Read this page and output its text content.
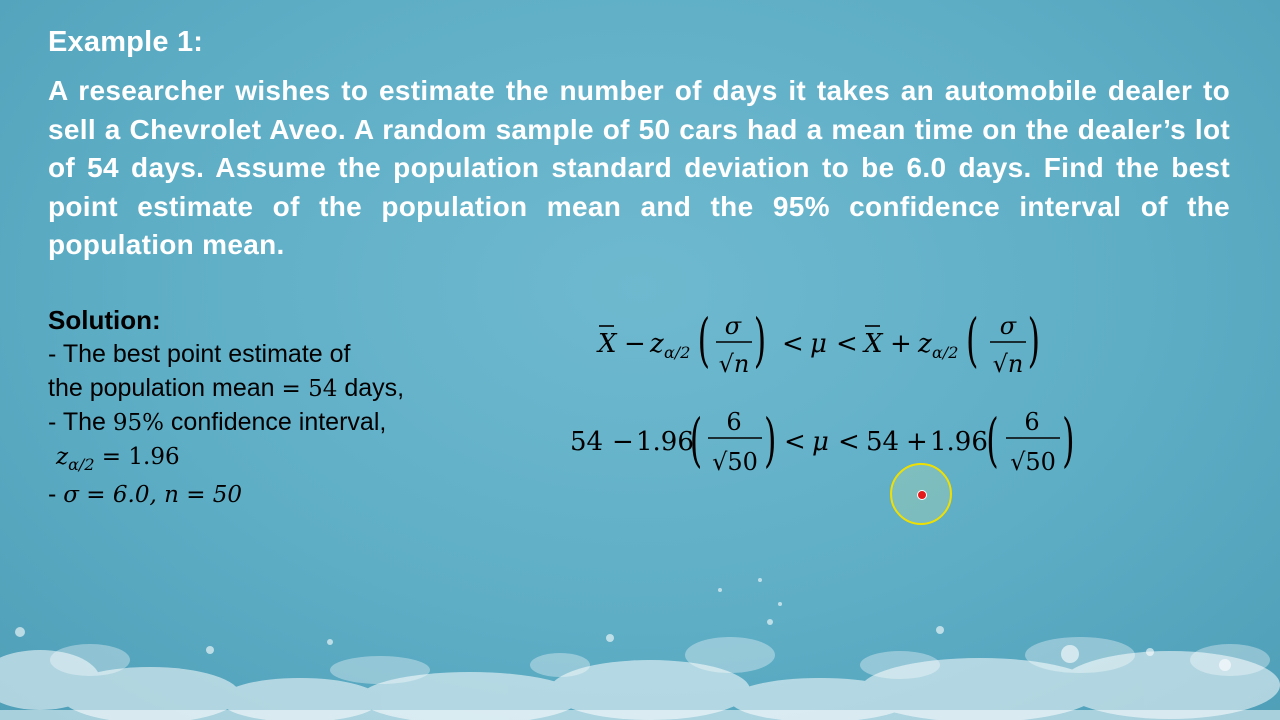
Example 1:
A researcher wishes to estimate the number of days it takes an automobile dealer to sell a Chevrolet Aveo. A random sample of 50 cars had a mean time on the dealer’s lot of 54 days. Assume the population standard deviation to be 6.0 days. Find the best point estimate of the population mean and the 95% confidence interval of the population mean.
Solution:
- The best point estimate of
the population mean = 54 days,
- The 95% confidence interval,
$z_{\alpha/2} = 1.96$
- σ = 6.0, n = 50
X − z α/2 ( σ
√n ) < μ < X + z α/2 ( σ
√n )
54 − 1.96
( 6
√50 ) < μ < 54 + 1.96
( 6
√50 )
